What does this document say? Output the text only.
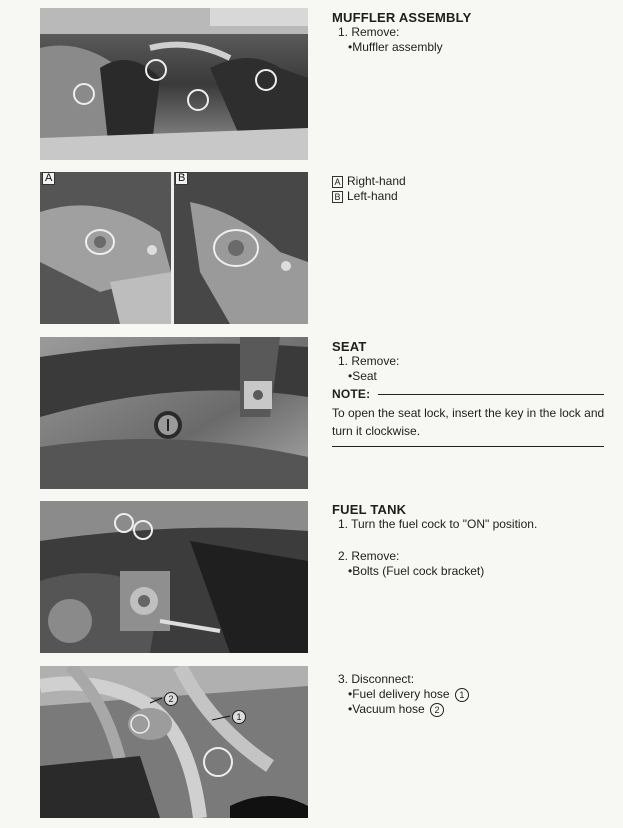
A	B
2
1
MUFFLER ASSEMBLY
1. Remove:
•Muffler assembly
A Right-hand
B Left-hand
SEAT
1. Remove:
•Seat
NOTE:
To open the seat lock, insert the key in the lock and turn it clockwise.
FUEL TANK
1. Turn the fuel cock to "ON" position.
2. Remove:
•Bolts (Fuel cock bracket)
3. Disconnect:
•Fuel delivery hose 1
•Vacuum hose 2
